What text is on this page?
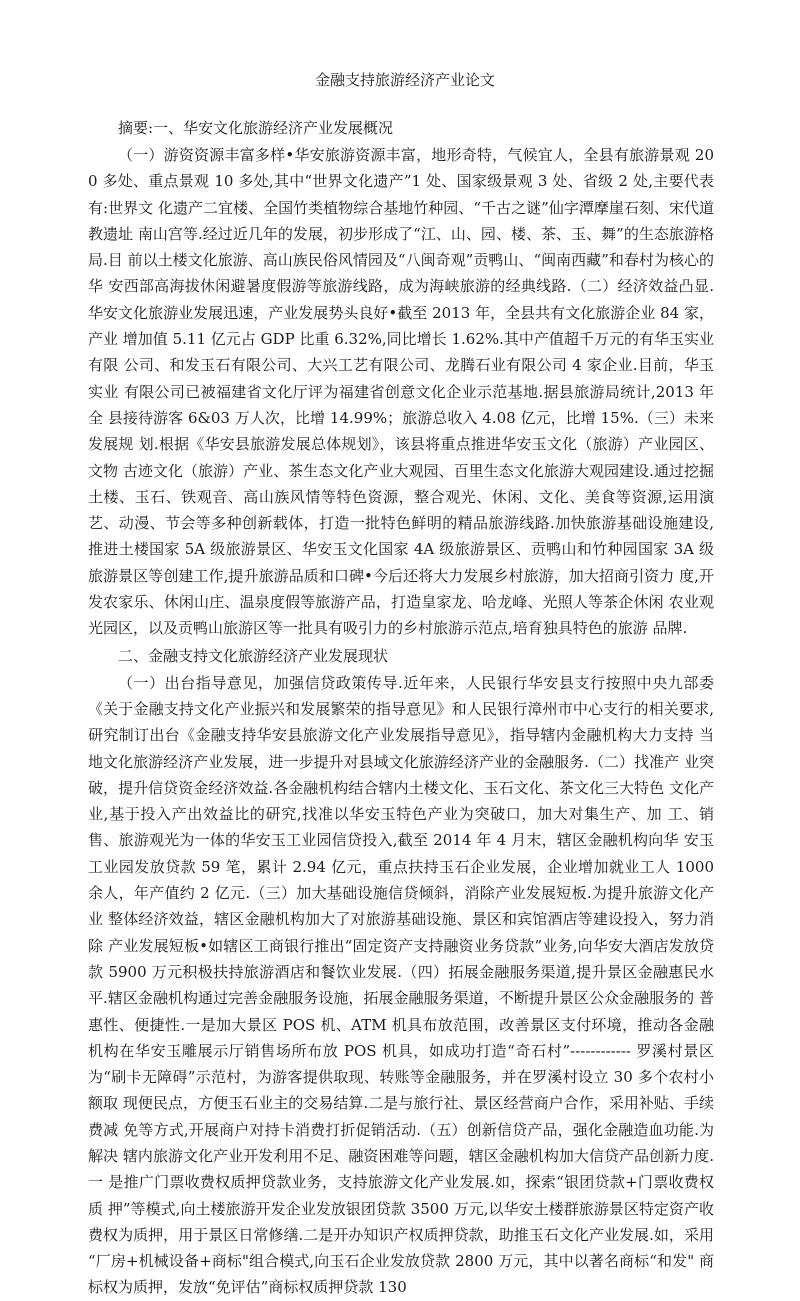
金融支持旅游经济产业论文

摘要:一、华安文化旅游经济产业发展概况

（一）游资资源丰富多样•华安旅游资源丰富，地形奇特，气候宜人，全县有旅游景观 200 多处、重点景观 10 多处,其中“世界文化遗产”1 处、国家级景观 3 处、省级 2 处,主要代表有:世界文 化遗产二宜楼、全国竹类植物综合基地竹种园、“千古之谜”仙字潭摩崖石刻、宋代道教遗址 南山宫等.经过近几年的发展，初步形成了“江、山、园、楼、茶、玉、舞”的生态旅游格局.目 前以土楼文化旅游、高山族民俗风情园及“八闽奇观”贡鸭山、“闽南西藏”和春村为核心的华 安西部高海拔休闲避暑度假游等旅游线路，成为海峡旅游的经典线路.（二）经济效益凸显.华安文化旅游业发展迅速，产业发展势头良好•截至 2013 年，全县共有文化旅游企业 84 家，产业 增加值 5.11 亿元占 GDP 比重 6.32%,同比增长 1.62%.其中产值超千万元的有华玉实业有限 公司、和发玉石有限公司、大兴工艺有限公司、龙腾石业有限公司 4 家企业.目前，华玉实业 有限公司已被福建省文化厅评为福建省创意文化企业示范基地.据县旅游局统计,2013 年全 县接待游客 6&03 万人次，比增 14.99%；旅游总收入 4.08 亿元，比增 15%.（三）未来发展规 划.根据《华安县旅游发展总体规划》，该县将重点推进华安玉文化（旅游）产业园区、文物 古迹文化（旅游）产业、茶生态文化产业大观园、百里生态文化旅游大观园建设.通过挖掘 土楼、玉石、铁观音、高山族风情等特色资源，整合观光、休闲、文化、美食等资源,运用演 艺、动漫、节会等多种创新载体，打造一批特色鲜明的精品旅游线路.加快旅游基础设施建设, 推进土楼国家 5A 级旅游景区、华安玉文化国家 4A 级旅游景区、贡鸭山和竹种园国家 3A 级旅游景区等创建工作,提升旅游品质和口碑•今后还将大力发展乡村旅游，加大招商引资力 度,开发农家乐、休闲山庄、温泉度假等旅游产品，打造皇家龙、哈龙峰、光照人等茶企休闲 农业观光园区，以及贡鸭山旅游区等一批具有吸引力的乡村旅游示范点,培育独具特色的旅游 品牌.

二、金融支持文化旅游经济产业发展现状

（一）出台指导意见，加强信贷政策传导.近年来，人民银行华安县支行按照中央九部委《关于金融支持文化产业振兴和发展繁荣的指导意见》和人民银行漳州市中心支行的相关要求, 研究制订出台《金融支持华安县旅游文化产业发展指导意见》，指导辖内金融机构大力支持 当地文化旅游经济产业发展，进一步提升对县域文化旅游经济产业的金融服务.（二）找准产 业突破，提升信贷资金经济效益.各金融机构结合辖内土楼文化、玉石文化、茶文化三大特色 文化产业,基于投入产出效益比的研究,找准以华安玉特色产业为突破口，加大对集生产、加 工、销售、旅游观光为一体的华安玉工业园信贷投入,截至 2014 年 4 月末，辖区金融机构向华 安玉工业园发放贷款 59 笔，累计 2.94 亿元，重点扶持玉石企业发展，企业增加就业工人 1000 余人，年产值约 2 亿元.（三）加大基础设施信贷倾斜，消除产业发展短板.为提升旅游文化产业 整体经济效益，辖区金融机构加大了对旅游基础设施、景区和宾馆酒店等建设投入，努力消除 产业发展短板•如辖区工商银行推出“固定资产支持融资业务贷款”业务,向华安大酒店发放贷 款 5900 万元积极扶持旅游酒店和餐饮业发展.（四）拓展金融服务渠道,提升景区金融惠民水 平.辖区金融机构通过完善金融服务设施，拓展金融服务渠道，不断提升景区公众金融服务的 普惠性、便捷性.一是加大景区 POS 机、ATM 机具布放范围，改善景区支付环境，推动各金融 机构在华安玉雕展示厅销售场所布放 POS 机具，如成功打造“奇石村”------------ 罗溪村景区为“刷卡无障碍”示范村，为游客提供取现、转账等金融服务，并在罗溪村设立 30 多个农村小额取 现便民点，方便玉石业主的交易结算.二是与旅行社、景区经营商户合作，采用补贴、手续费减 免等方式,开展商户对持卡消费打折促销活动.（五）创新信贷产品，强化金融造血功能.为解决 辖内旅游文化产业开发利用不足、融资困难等问题，辖区金融机构加大信贷产品创新力度.一 是推广门票收费权质押贷款业务，支持旅游文化产业发展.如，探索“银团贷款+门票收费权质 押”等模式,向土楼旅游开发企业发放银团贷款 3500 万元,以华安土楼群旅游景区特定资产收 费权为质押，用于景区日常修缮.二是开办知识产权质押贷款，助推玉石文化产业发展.如，采用 “厂房+机械设备+商标"组合模式,向玉石企业发放贷款 2800 万元，其中以著名商标“和发" 商标权为质押，发放“免评估”商标权质押贷款 130
